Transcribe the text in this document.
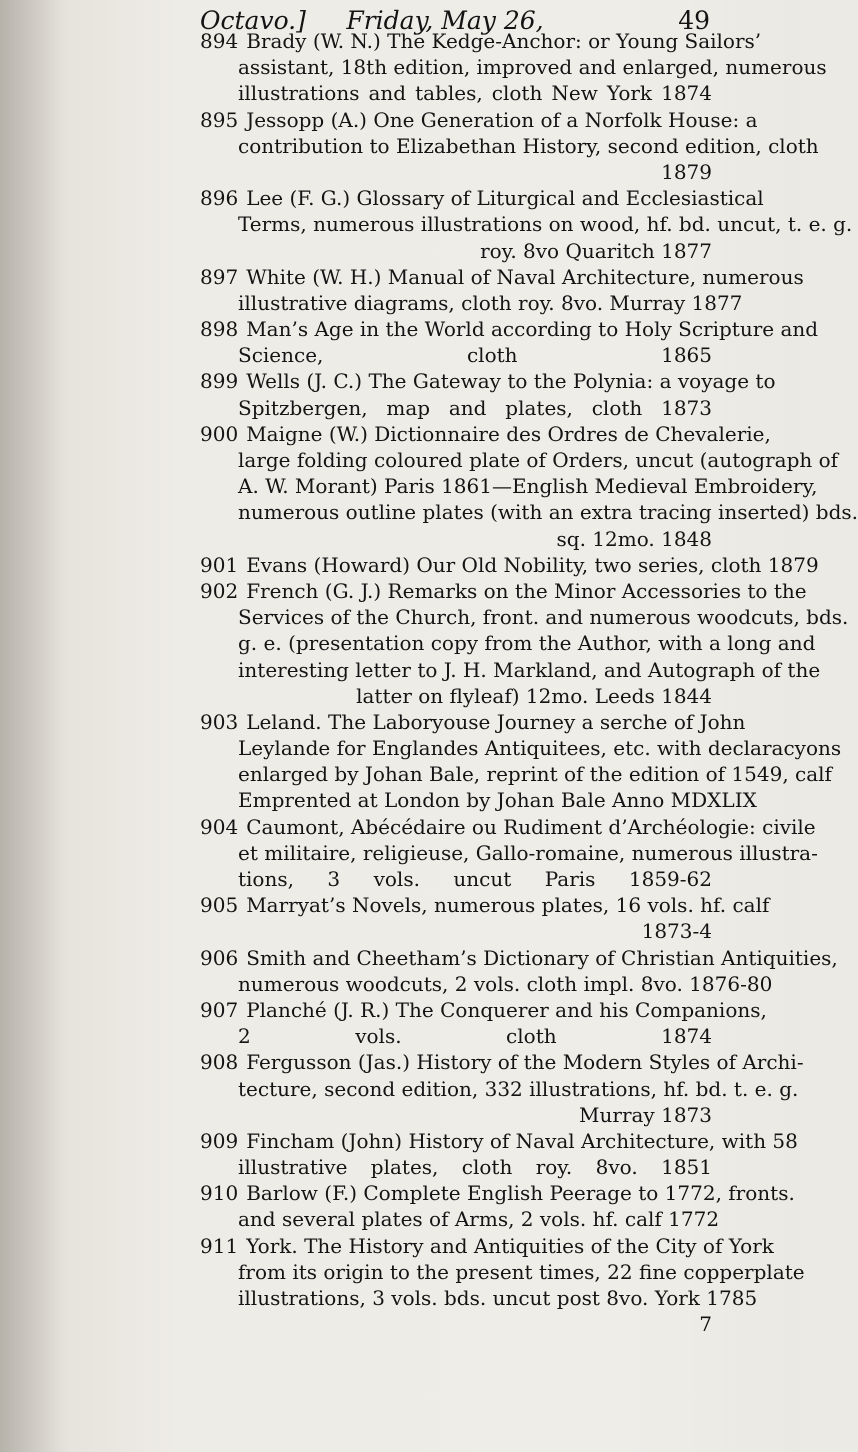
Octavo.]	Friday, May 26,	49
894 Brady (W. N.) The Kedge-Anchor: or Young Sailors’
assistant, 18th edition, improved and enlarged, numerous
illustrations and tables, cloth New York 1874
895 Jessopp (A.) One Generation of a Norfolk House: a
contribution to Elizabethan History, second edition, cloth
1879
896 Lee (F. G.) Glossary of Liturgical and Ecclesiastical
Terms, numerous illustrations on wood, hf. bd. uncut, t. e. g.
roy. 8vo Quaritch 1877
897 White (W. H.) Manual of Naval Architecture, numerous
illustrative diagrams, cloth roy. 8vo. Murray 1877
898 Man’s Age in the World according to Holy Scripture and
Science, cloth 1865
899 Wells (J. C.) The Gateway to the Polynia: a voyage to
Spitzbergen, map and plates, cloth 1873
900 Maigne (W.) Dictionnaire des Ordres de Chevalerie,
large folding coloured plate of Orders, uncut (autograph of
A. W. Morant) Paris 1861—English Medieval Embroidery,
numerous outline plates (with an extra tracing inserted) bds.
sq. 12mo. 1848
901 Evans (Howard) Our Old Nobility, two series, cloth 1879
902 French (G. J.) Remarks on the Minor Accessories to the
Services of the Church, front. and numerous woodcuts, bds.
g. e. (presentation copy from the Author, with a long and
interesting letter to J. H. Markland, and Autograph of the
latter on flyleaf) 12mo. Leeds 1844
903 Leland. The Laboryouse Journey a serche of John
Leylande for Englandes Antiquitees, etc. with declaracyons
enlarged by Johan Bale, reprint of the edition of 1549, calf
Emprented at London by Johan Bale Anno MDXLIX
904 Caumont, Abécédaire ou Rudiment d’Archéologie: civile
et militaire, religieuse, Gallo-romaine, numerous illustra-
tions, 3 vols. uncut Paris 1859-62
905 Marryat’s Novels, numerous plates, 16 vols. hf. calf
1873-4
906 Smith and Cheetham’s Dictionary of Christian Antiquities,
numerous woodcuts, 2 vols. cloth impl. 8vo. 1876-80
907 Planché (J. R.) The Conquerer and his Companions,
2 vols. cloth 1874
908 Fergusson (Jas.) History of the Modern Styles of Archi-
tecture, second edition, 332 illustrations, hf. bd. t. e. g.
Murray 1873
909 Fincham (John) History of Naval Architecture, with 58
illustrative plates, cloth roy. 8vo. 1851
910 Barlow (F.) Complete English Peerage to 1772, fronts.
and several plates of Arms, 2 vols. hf. calf 1772
911 York. The History and Antiquities of the City of York
from its origin to the present times, 22 fine copperplate
illustrations, 3 vols. bds. uncut post 8vo. York 1785
7
